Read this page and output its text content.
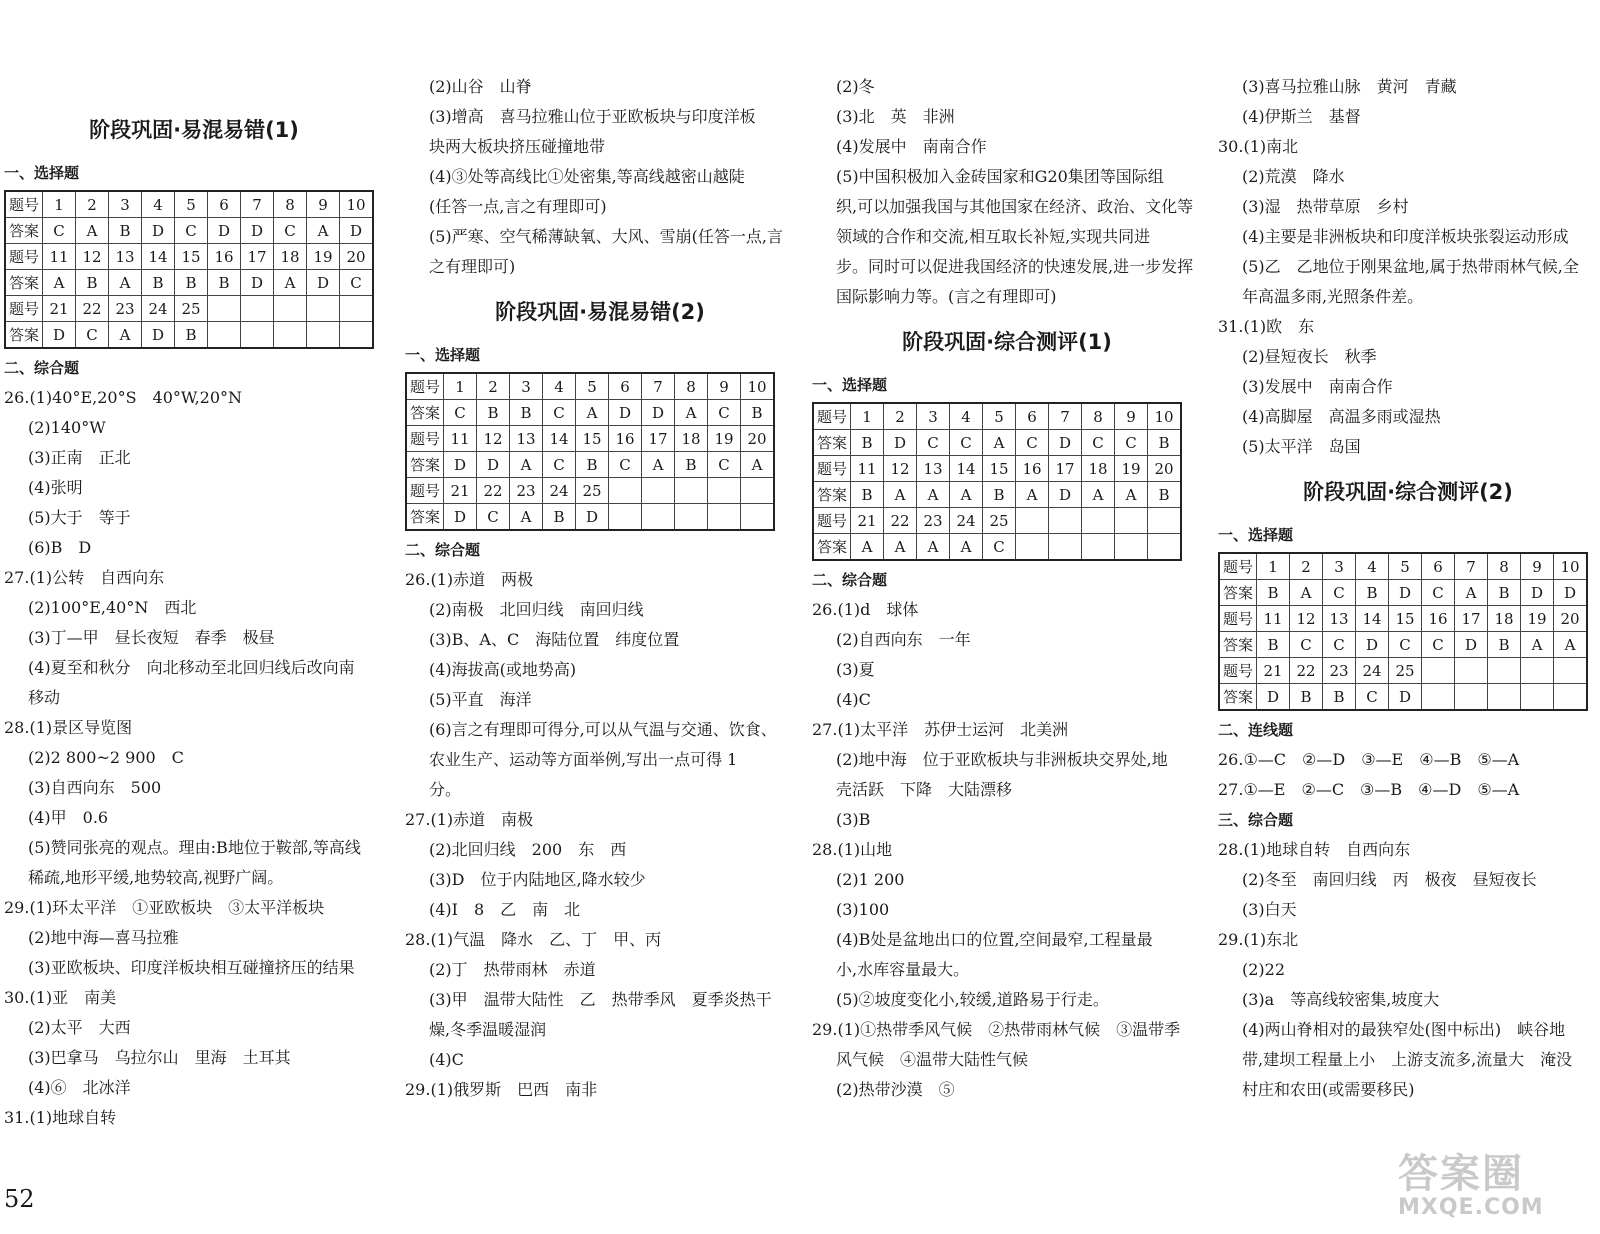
阶段巩固·易混易错(1)
一、选择题
题号	1	2	3	4	5	6	7	8	9	10
答案	C	A	B	D	C	D	D	C	A	D
题号	11	12	13	14	15	16	17	18	19	20
答案	A	B	A	B	B	B	D	A	D	C
题号	21	22	23	24	25					
答案	D	C	A	D	B					
二、综合题
26.(1)40°E,20°S　40°W,20°N
(2)140°W
(3)正南　正北
(4)张明
(5)大于　等于
(6)B　D
27.(1)公转　自西向东
(2)100°E,40°N　西北
(3)丁—甲　昼长夜短　春季　极昼
(4)夏至和秋分　向北移动至北回归线后改向南
移动
28.(1)景区导览图
(2)2 800~2 900　C
(3)自西向东　500
(4)甲　0.6
(5)赞同张亮的观点。理由:B地位于鞍部,等高线
稀疏,地形平缓,地势较高,视野广阔。
29.(1)环太平洋　①亚欧板块　③太平洋板块
(2)地中海—喜马拉雅
(3)亚欧板块、印度洋板块相互碰撞挤压的结果
30.(1)亚　南美
(2)太平　大西
(3)巴拿马　乌拉尔山　里海　土耳其
(4)⑥　北冰洋
31.(1)地球自转
(2)山谷　山脊
(3)增高　喜马拉雅山位于亚欧板块与印度洋板
块两大板块挤压碰撞地带
(4)③处等高线比①处密集,等高线越密山越陡
(任答一点,言之有理即可)
(5)严寒、空气稀薄缺氧、大风、雪崩(任答一点,言
之有理即可)
阶段巩固·易混易错(2)
一、选择题
题号	1	2	3	4	5	6	7	8	9	10
答案	C	B	B	C	A	D	D	A	C	B
题号	11	12	13	14	15	16	17	18	19	20
答案	D	D	A	C	B	C	A	B	C	A
题号	21	22	23	24	25					
答案	D	C	A	B	D					
二、综合题
26.(1)赤道　两极
(2)南极　北回归线　南回归线
(3)B、A、C　海陆位置　纬度位置
(4)海拔高(或地势高)
(5)平直　海洋
(6)言之有理即可得分,可以从气温与交通、饮食、
农业生产、运动等方面举例,写出一点可得 1
分。
27.(1)赤道　南极
(2)北回归线　200　东　西
(3)D　位于内陆地区,降水较少
(4)I　8　乙　南　北
28.(1)气温　降水　乙、丁　甲、丙
(2)丁　热带雨林　赤道
(3)甲　温带大陆性　乙　热带季风　夏季炎热干
燥,冬季温暖湿润
(4)C
29.(1)俄罗斯　巴西　南非
(2)冬
(3)北　英　非洲
(4)发展中　南南合作
(5)中国积极加入金砖国家和G20集团等国际组
织,可以加强我国与其他国家在经济、政治、文化等
领域的合作和交流,相互取长补短,实现共同进
步。同时可以促进我国经济的快速发展,进一步发挥
国际影响力等。(言之有理即可)
阶段巩固·综合测评(1)
一、选择题
题号	1	2	3	4	5	6	7	8	9	10
答案	B	D	C	C	A	C	D	C	C	B
题号	11	12	13	14	15	16	17	18	19	20
答案	B	A	A	A	B	A	D	A	A	B
题号	21	22	23	24	25					
答案	A	A	A	A	C					
二、综合题
26.(1)d　球体
(2)自西向东　一年
(3)夏
(4)C
27.(1)太平洋　苏伊士运河　北美洲
(2)地中海　位于亚欧板块与非洲板块交界处,地
壳活跃　下降　大陆漂移
(3)B
28.(1)山地
(2)1 200
(3)100
(4)B处是盆地出口的位置,空间最窄,工程量最
小,水库容量最大。
(5)②坡度变化小,较缓,道路易于行走。
29.(1)①热带季风气候　②热带雨林气候　③温带季
风气候　④温带大陆性气候
(2)热带沙漠　⑤
(3)喜马拉雅山脉　黄河　青藏
(4)伊斯兰　基督
30.(1)南北
(2)荒漠　降水
(3)湿　热带草原　乡村
(4)主要是非洲板块和印度洋板块张裂运动形成
(5)乙　乙地位于刚果盆地,属于热带雨林气候,全
年高温多雨,光照条件差。
31.(1)欧　东
(2)昼短夜长　秋季
(3)发展中　南南合作
(4)高脚屋　高温多雨或湿热
(5)太平洋　岛国
阶段巩固·综合测评(2)
一、选择题
题号	1	2	3	4	5	6	7	8	9	10
答案	B	A	C	B	D	C	A	B	D	D
题号	11	12	13	14	15	16	17	18	19	20
答案	B	C	C	D	C	C	D	B	A	A
题号	21	22	23	24	25					
答案	D	B	B	C	D					
二、连线题
26.①—C　②—D　③—E　④—B　⑤—A
27.①—E　②—C　③—B　④—D　⑤—A
三、综合题
28.(1)地球自转　自西向东
(2)冬至　南回归线　丙　极夜　昼短夜长
(3)白天
29.(1)东北
(2)22
(3)a　等高线较密集,坡度大
(4)两山脊相对的最狭窄处(图中标出)　峡谷地
带,建坝工程量上小　上游支流多,流量大　淹没
村庄和农田(或需要移民)
52
答案圈
MXQE.COM
